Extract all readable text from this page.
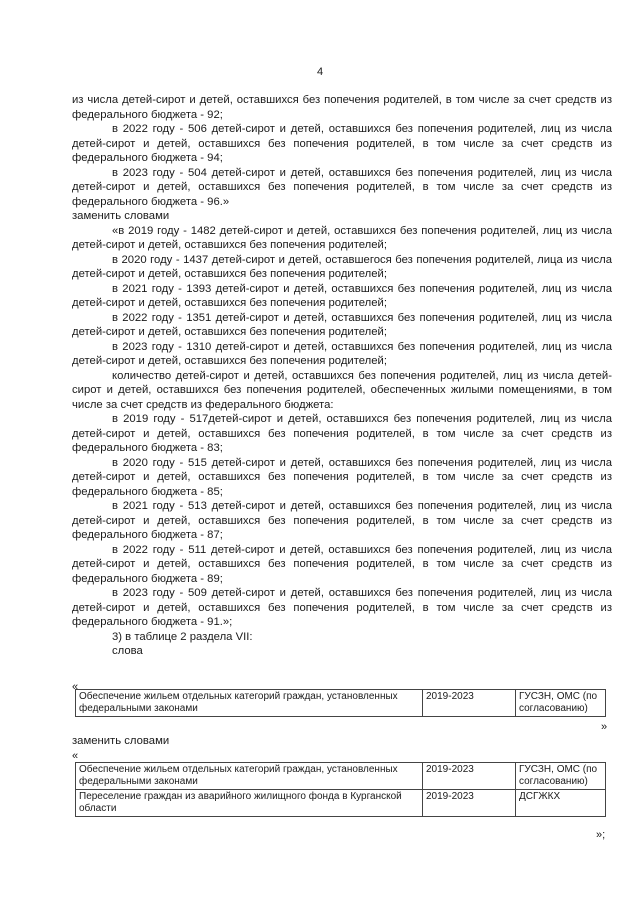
4

из числа детей-сирот и детей, оставшихся без попечения родителей, в том числе за счет средств из федерального бюджета - 92;

в 2022 году - 506 детей-сирот и детей, оставшихся без попечения родителей, лиц из числа детей-сирот и детей, оставшихся без попечения родителей, в том числе за счет средств из федерального бюджета - 94;

в 2023 году - 504 детей-сирот и детей, оставшихся без попечения родителей, лиц из числа детей-сирот и детей, оставшихся без попечения родителей, в том числе за счет средств из федерального бюджета - 96.»

заменить словами

«в 2019 году - 1482 детей-сирот и детей, оставшихся без попечения родителей, лиц из числа детей-сирот и детей, оставшихся без попечения родителей;

в 2020 году - 1437 детей-сирот и детей, оставшегося без попечения родителей, лица из числа детей-сирот и детей, оставшихся без попечения родителей;

в 2021 году - 1393 детей-сирот и детей, оставшихся без попечения родителей, лиц из числа детей-сирот и детей, оставшихся без попечения родителей;

в 2022 году - 1351 детей-сирот и детей, оставшихся без попечения родителей, лиц из числа детей-сирот и детей, оставшихся без попечения родителей;

в 2023 году - 1310 детей-сирот и детей, оставшихся без попечения родителей, лиц из числа детей-сирот и детей, оставшихся без попечения родителей;

количество детей-сирот и детей, оставшихся без попечения родителей, лиц из числа детей-сирот и детей, оставшихся без попечения родителей, обеспеченных жилыми помещениями, в том числе за счет средств из федерального бюджета:

в 2019 году - 517детей-сирот и детей, оставшихся без попечения родителей, лиц из числа детей-сирот и детей, оставшихся без попечения родителей, в том числе за счет средств из федерального бюджета - 83;

в 2020 году - 515 детей-сирот и детей, оставшихся без попечения родителей, лиц из числа детей-сирот и детей, оставшихся без попечения родителей, в том числе за счет средств из федерального бюджета - 85;

в 2021 году - 513 детей-сирот и детей, оставшихся без попечения родителей, лиц из числа детей-сирот и детей, оставшихся без попечения родителей, в том числе за счет средств из федерального бюджета - 87;

в 2022 году - 511 детей-сирот и детей, оставшихся без попечения родителей, лиц из числа детей-сирот и детей, оставшихся без попечения родителей, в том числе за счет средств из федерального бюджета - 89;

в 2023 году - 509 детей-сирот и детей, оставшихся без попечения родителей, лиц из числа детей-сирот и детей, оставшихся без попечения родителей, в том числе за счет средств из федерального бюджета - 91.»;

3) в таблице 2 раздела VII:

слова

«
Обеспечение жильем отдельных категорий граждан, установленных федеральными законами	2019-2023	ГУСЗН, ОМС (по согласованию)
»
заменить словами
«
Обеспечение жильем отдельных категорий граждан, установленных федеральными законами	2019-2023	ГУСЗН, ОМС (по согласованию)
Переселение граждан из аварийного жилищного фонда в Курганской области	2019-2023	ДСГЖКХ
»;
